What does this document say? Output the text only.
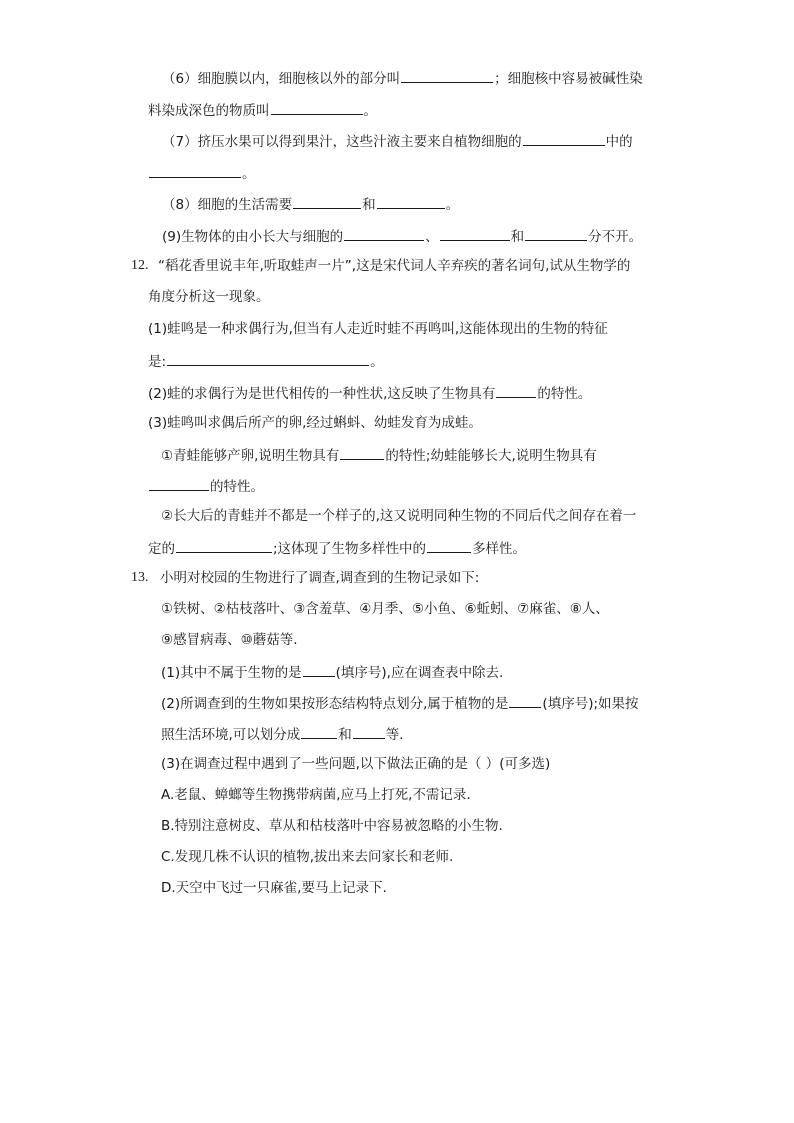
（6）细胞膜以内，细胞核以外的部分叫	；细胞核中容易被碱性染
料染成深色的物质叫	。
（7）挤压水果可以得到果汁，这些汁液主要来自植物细胞的	中的
。
（8）细胞的生活需要	和	。
(9)生物体的由小长大与细胞的	、	和	分不开。
12. “稻花香里说丰年,听取蛙声一片”,这是宋代词人辛弃疾的著名词句,试从生物学的
角度分析这一现象。
(1)蛙鸣是一种求偶行为,但当有人走近时蛙不再鸣叫,这能体现出的生物的特征
是:	。
(2)蛙的求偶行为是世代相传的一种性状,这反映了生物具有	的特性。
(3)蛙鸣叫求偶后所产的卵,经过蝌蚪、幼蛙发育为成蛙。
①青蛙能够产卵,说明生物具有	的特性;幼蛙能够长大,说明生物具有
的特性。
②长大后的青蛙并不都是一个样子的,这又说明同种生物的不同后代之间存在着一
定的	;这体现了生物多样性中的	多样性。
13. 小明对校园的生物进行了调查,调查到的生物记录如下:
①铁树、②枯枝落叶、③含羞草、④月季、⑤小鱼、⑥蚯蚓、⑦麻雀、⑧人、
⑨感冒病毒、⑩蘑菇等.
(1)其中不属于生物的是	(填序号),应在调查表中除去.
(2)所调查到的生物如果按形态结构特点划分,属于植物的是	(填序号);如果按
照生活环境,可以划分成	和	等.
(3)在调查过程中遇到了一些问题,以下做法正确的是（ ）(可多选)
A.老鼠、蟑螂等生物携带病菌,应马上打死,不需记录.
B.特别注意树皮、草从和枯枝落叶中容易被忽略的小生物.
C.发现几株不认识的植物,拔出来去问家长和老师.
D.天空中飞过一只麻雀,要马上记录下.
